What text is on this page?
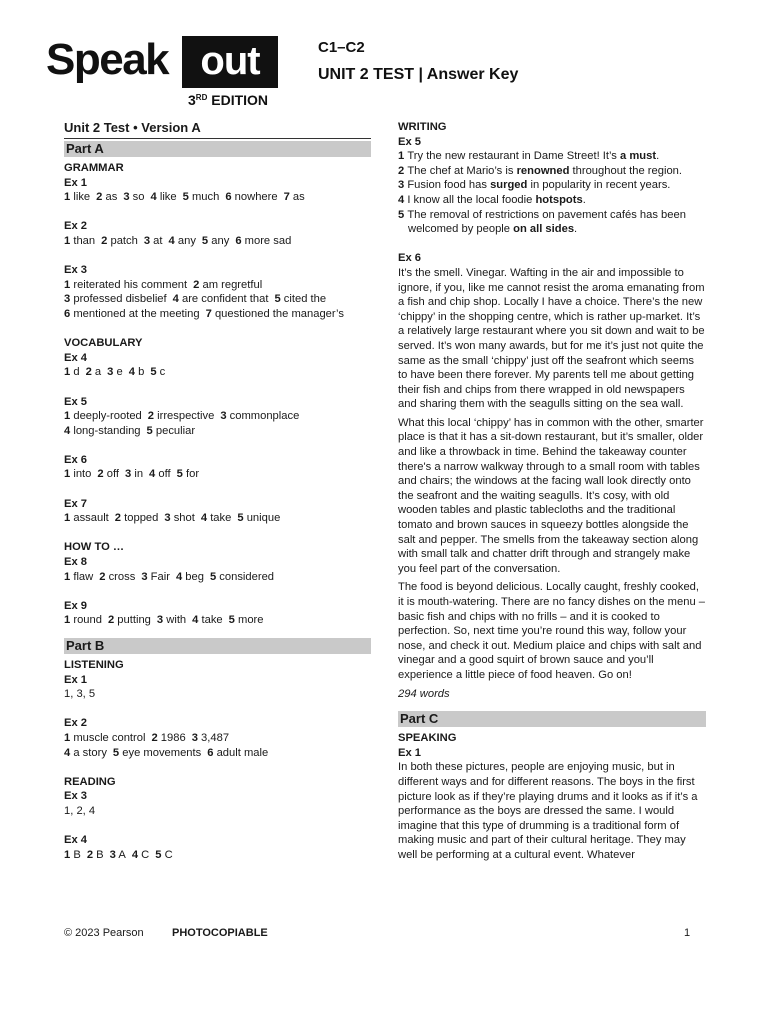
Speak out
3RD EDITION
C1–C2
UNIT 2 TEST | Answer Key
Unit 2 Test • Version A
Part A
GRAMMAR
Ex 1
1 like 2 as 3 so 4 like 5 much 6 nowhere 7 as
Ex 2
1 than 2 patch 3 at 4 any 5 any 6 more sad
Ex 3
1 reiterated his comment 2 am regretful
3 professed disbelief 4 are confident that 5 cited the
6 mentioned at the meeting 7 questioned the manager’s
VOCABULARY
Ex 4
1 d 2 a 3 e 4 b 5 c
Ex 5
1 deeply-rooted 2 irrespective 3 commonplace
4 long-standing 5 peculiar
Ex 6
1 into 2 off 3 in 4 off 5 for
Ex 7
1 assault 2 topped 3 shot 4 take 5 unique
HOW TO …
Ex 8
1 flaw 2 cross 3 Fair 4 beg 5 considered
Ex 9
1 round 2 putting 3 with 4 take 5 more
Part B
LISTENING
Ex 1
1, 3, 5
Ex 2
1 muscle control 2 1986 3 3,487
4 a story 5 eye movements 6 adult male
READING
Ex 3
1, 2, 4
Ex 4
1 B 2 B 3 A 4 C 5 C
WRITING
Ex 5
1 Try the new restaurant in Dame Street! It’s a must.
2 The chef at Mario’s is renowned throughout the region.
3 Fusion food has surged in popularity in recent years.
4 I know all the local foodie hotspots.
5 The removal of restrictions on pavement cafés has been welcomed by people on all sides.
Ex 6
It’s the smell. Vinegar. Wafting in the air and impossible to ignore, if you, like me cannot resist the aroma emanating from a fish and chip shop. Locally I have a choice. There’s the new ‘chippy’ in the shopping centre, which is rather up-market. It’s a relatively large restaurant where you sit down and wait to be served. It’s won many awards, but for me it’s just not quite the same as the small ‘chippy’ just off the seafront which seems to have been there forever. My parents tell me about getting their fish and chips from there wrapped in old newspapers and sharing them with the seagulls sitting on the sea wall.
What this local ‘chippy’ has in common with the other, smarter place is that it has a sit-down restaurant, but it’s smaller, older and like a throwback in time. Behind the takeaway counter there's a narrow walkway through to a small room with tables and chairs; the windows at the facing wall look directly onto the seafront and the waiting seagulls. It’s cosy, with old wooden tables and plastic tablecloths and the traditional tomato and brown sauces in squeezy bottles alongside the salt and pepper. The smells from the takeaway section along with small talk and chatter drift through and strangely make you feel part of the conversation.
The food is beyond delicious. Locally caught, freshly cooked, it is mouth-watering. There are no fancy dishes on the menu – basic fish and chips with no frills – and it is cooked to perfection. So, next time you’re round this way, follow your nose, and check it out. Medium plaice and chips with salt and vinegar and a good squirt of brown sauce and you’ll experience a little piece of food heaven. Go on!
294 words
Part C
SPEAKING
Ex 1
In both these pictures, people are enjoying music, but in different ways and for different reasons. The boys in the first picture look as if they’re playing drums and it looks as if it’s a performance as the boys are dressed the same. I would imagine that this type of drumming is a traditional form of making music and part of their cultural heritage. They may well be performing at a cultural event. Whatever
© 2023 Pearson	PHOTOCOPIABLE	1
